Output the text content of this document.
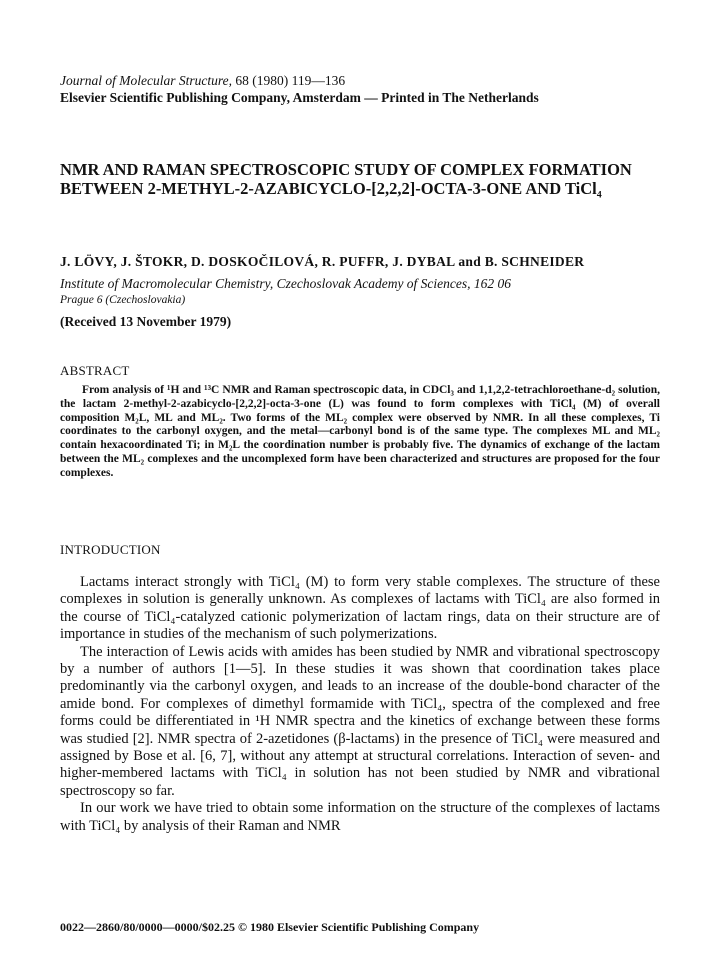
Journal of Molecular Structure, 68 (1980) 119—136
Elsevier Scientific Publishing Company, Amsterdam — Printed in The Netherlands
NMR AND RAMAN SPECTROSCOPIC STUDY OF COMPLEX FORMATION BETWEEN 2-METHYL-2-AZABICYCLO-[2,2,2]-OCTA-3-ONE AND TiCl₄
J. LÖVY, J. ŠTOKR, D. DOSKOČILOVÁ, R. PUFFR, J. DYBAL and B. SCHNEIDER
Institute of Macromolecular Chemistry, Czechoslovak Academy of Sciences, 162 06
Prague 6 (Czechoslovakia)
(Received 13 November 1979)
ABSTRACT

From analysis of ¹H and ¹³C NMR and Raman spectroscopic data, in CDCl₃ and 1,1,2,2-tetrachloroethane-d₂ solution, the lactam 2-methyl-2-azabicyclo-[2,2,2]-octa-3-one (L) was found to form complexes with TiCl₄ (M) of overall composition M₂L, ML and ML₂. Two forms of the ML₂ complex were observed by NMR. In all these complexes, Ti coordinates to the carbonyl oxygen, and the metal—carbonyl bond is of the same type. The complexes ML and ML₂ contain hexacoordinated Ti; in M₂L the coordination number is probably five. The dynamics of exchange of the lactam between the ML₂ complexes and the uncomplexed form have been characterized and structures are proposed for the four complexes.

INTRODUCTION

Lactams interact strongly with TiCl₄ (M) to form very stable complexes. The structure of these complexes in solution is generally unknown. As complexes of lactams with TiCl₄ are also formed in the course of TiCl₄-catalyzed cationic polymerization of lactam rings, data on their structure are of importance in studies of the mechanism of such polymerizations.

The interaction of Lewis acids with amides has been studied by NMR and vibrational spectroscopy by a number of authors [1—5]. In these studies it was shown that coordination takes place predominantly via the carbonyl oxygen, and leads to an increase of the double-bond character of the amide bond. For complexes of dimethyl formamide with TiCl₄, spectra of the complexed and free forms could be differentiated in ¹H NMR spectra and the kinetics of exchange between these forms was studied [2]. NMR spectra of 2-azetidones (β-lactams) in the presence of TiCl₄ were measured and assigned by Bose et al. [6, 7], without any attempt at structural correlations. Interaction of seven- and higher-membered lactams with TiCl₄ in solution has not been studied by NMR and vibrational spectroscopy so far.

In our work we have tried to obtain some information on the structure of the complexes of lactams with TiCl₄ by analysis of their Raman and NMR

0022—2860/80/0000—0000/$02.25 © 1980 Elsevier Scientific Publishing Company
